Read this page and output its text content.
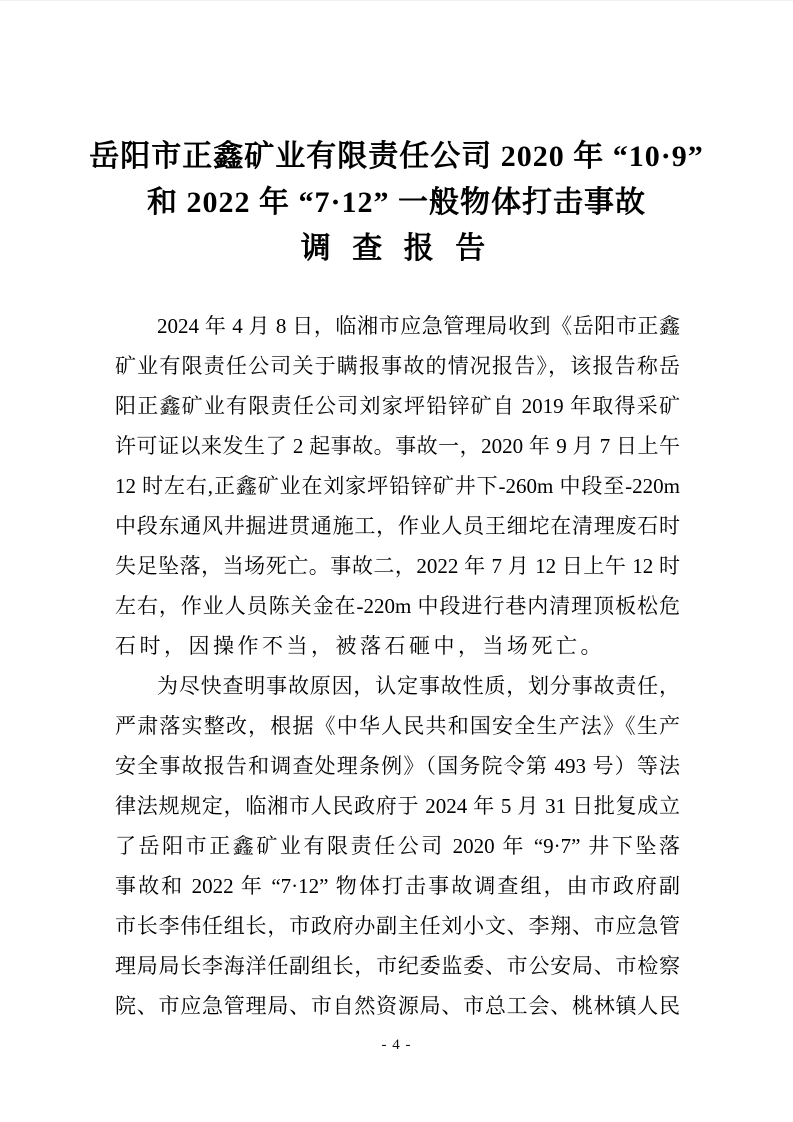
岳阳市正鑫矿业有限责任公司 2020 年 “10·9”
和 2022 年 “7·12” 一般物体打击事故
调 查 报 告
2024 年 4 月 8 日，临湘市应急管理局收到《岳阳市正鑫
矿业有限责任公司关于瞒报事故的情况报告》，该报告称岳
阳正鑫矿业有限责任公司刘家坪铅锌矿自 2019 年取得采矿
许可证以来发生了 2 起事故。事故一，2020 年 9 月 7 日上午
12 时左右,正鑫矿业在刘家坪铅锌矿井下-260m 中段至-220m
中段东通风井掘进贯通施工，作业人员王细坨在清理废石时
失足坠落，当场死亡。事故二，2022 年 7 月 12 日上午 12 时
左右，作业人员陈关金在-220m 中段进行巷内清理顶板松危
石时，因操作不当，被落石砸中，当场死亡。
为尽快查明事故原因，认定事故性质，划分事故责任，
严肃落实整改，根据《中华人民共和国安全生产法》《生产
安全事故报告和调查处理条例》（国务院令第 493 号）等法
律法规规定，临湘市人民政府于 2024 年 5 月 31 日批复成立
了岳阳市正鑫矿业有限责任公司 2020 年 “9·7” 井下坠落
事故和 2022 年 “7·12” 物体打击事故调查组，由市政府副
市长李伟任组长，市政府办副主任刘小文、李翔、市应急管
理局局长李海洋任副组长，市纪委监委、市公安局、市检察
院、市应急管理局、市自然资源局、市总工会、桃林镇人民
- 4 -
